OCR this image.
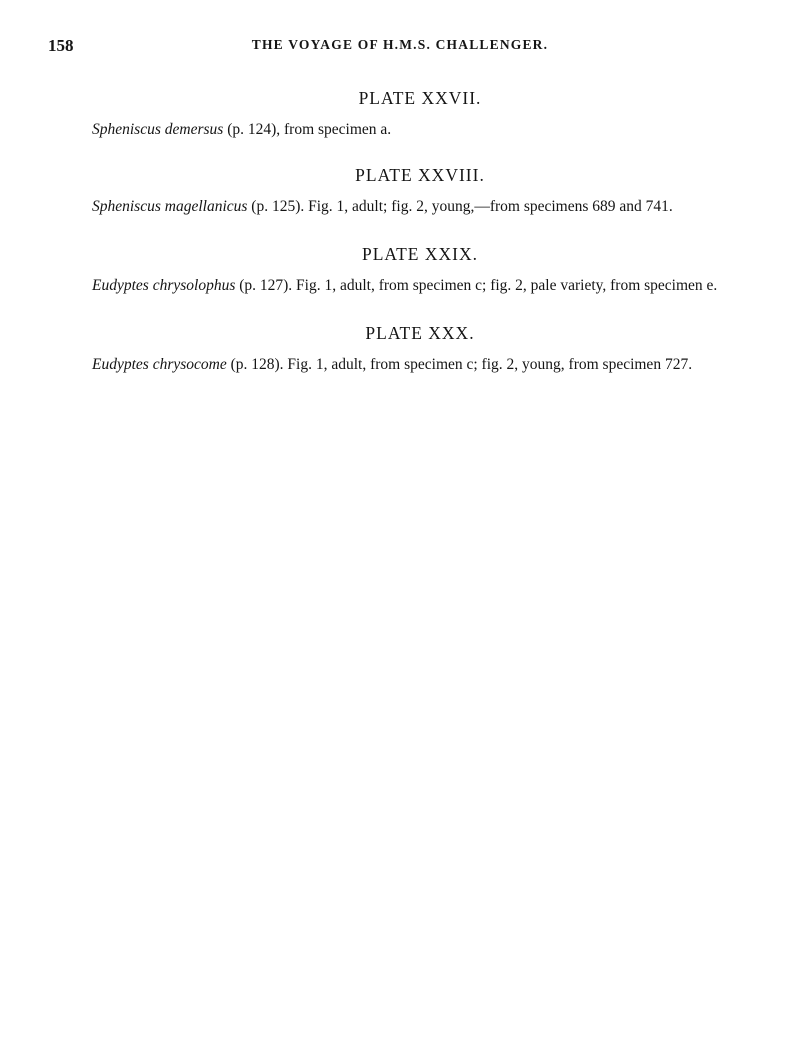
158	THE VOYAGE OF H.M.S. CHALLENGER.
PLATE XXVII.

Spheniscus demersus (p. 124), from specimen a.

PLATE XXVIII.

Spheniscus magellanicus (p. 125). Fig. 1, adult; fig. 2, young,—from specimens 689 and 741.

PLATE XXIX.

Eudyptes chrysolophus (p. 127). Fig. 1, adult, from specimen c; fig. 2, pale variety, from specimen e.

PLATE XXX.

Eudyptes chrysocome (p. 128). Fig. 1, adult, from specimen c; fig. 2, young, from specimen 727.
